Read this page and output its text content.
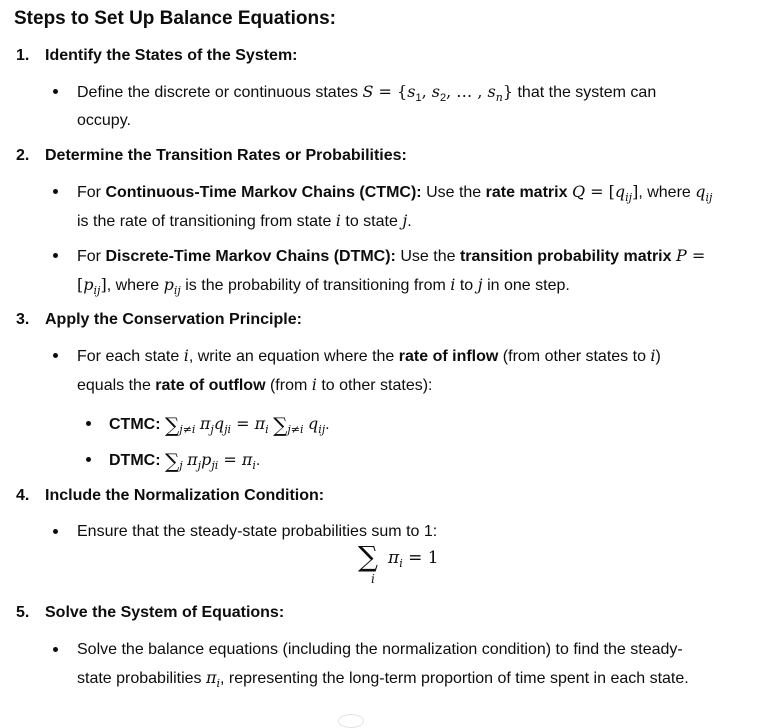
Steps to Set Up Balance Equations:
1. Identify the States of the System:
Define the discrete or continuous states $S = \{s_1$, $s_2$, … , $s_n$} that the system can
occupy.
2. Determine the Transition Rates or Probabilities:
For Continuous-Time Markov Chains (CTMC): Use the rate matrix $Q = [q_{ij}]$, where $q_{ij}$
is the rate of transitioning from state i to state j.
For Discrete-Time Markov Chains (DTMC): Use the transition probability matrix P =
$[p_{ij}]$, where $p_{ij}$ is the probability of transitioning from i to j in one step.
3. Apply the Conservation Principle:
For each state i, write an equation where the rate of inflow (from other states to i)
equals the rate of outflow (from i to other states):
CTMC: $\sum_{j\ne i}$ $\pi_jq_{ji} = \pi_i$ $\sum_{j\ne i}$ $q_{ij}$.
DTMC: $\sum_j$ $\pi_jp_{ji} = \pi_i$.
4. Include the Normalization Condition:
Ensure that the steady-state probabilities sum to 1:
∑
i
$\pi_i = 1$
5. Solve the System of Equations:
Solve the balance equations (including the normalization condition) to find the steady-
state probabilities $\pi_i$, representing the long-term proportion of time spent in each state.
